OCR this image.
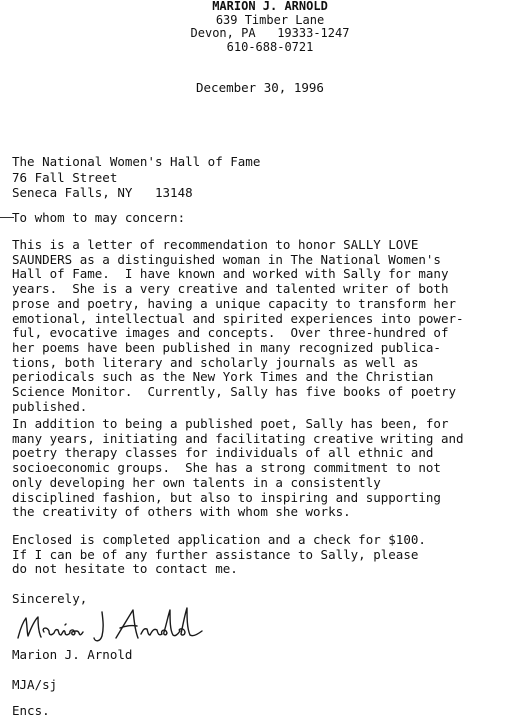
MARION J. ARNOLD
639 Timber Lane
Devon, PA   19333-1247
610-688-0721
December 30, 1996
The National Women's Hall of Fame
76 Fall Street
Seneca Falls, NY   13148
To whom to may concern:
This is a letter of recommendation to honor SALLY LOVE
SAUNDERS as a distinguished woman in The National Women's
Hall of Fame.  I have known and worked with Sally for many
years.  She is a very creative and talented writer of both
prose and poetry, having a unique capacity to transform her
emotional, intellectual and spirited experiences into power-
ful, evocative images and concepts.  Over three-hundred of
her poems have been published in many recognized publica-
tions, both literary and scholarly journals as well as
periodicals such as the New York Times and the Christian
Science Monitor.  Currently, Sally has five books of poetry
published.
In addition to being a published poet, Sally has been, for
many years, initiating and facilitating creative writing and
poetry therapy classes for individuals of all ethnic and
socioeconomic groups.  She has a strong commitment to not
only developing her own talents in a consistently
disciplined fashion, but also to inspiring and supporting
the creativity of others with whom she works.
Enclosed is completed application and a check for $100.
If I can be of any further assistance to Sally, please
do not hesitate to contact me.
Sincerely,
Marion J. Arnold
MJA/sj
Encs.
